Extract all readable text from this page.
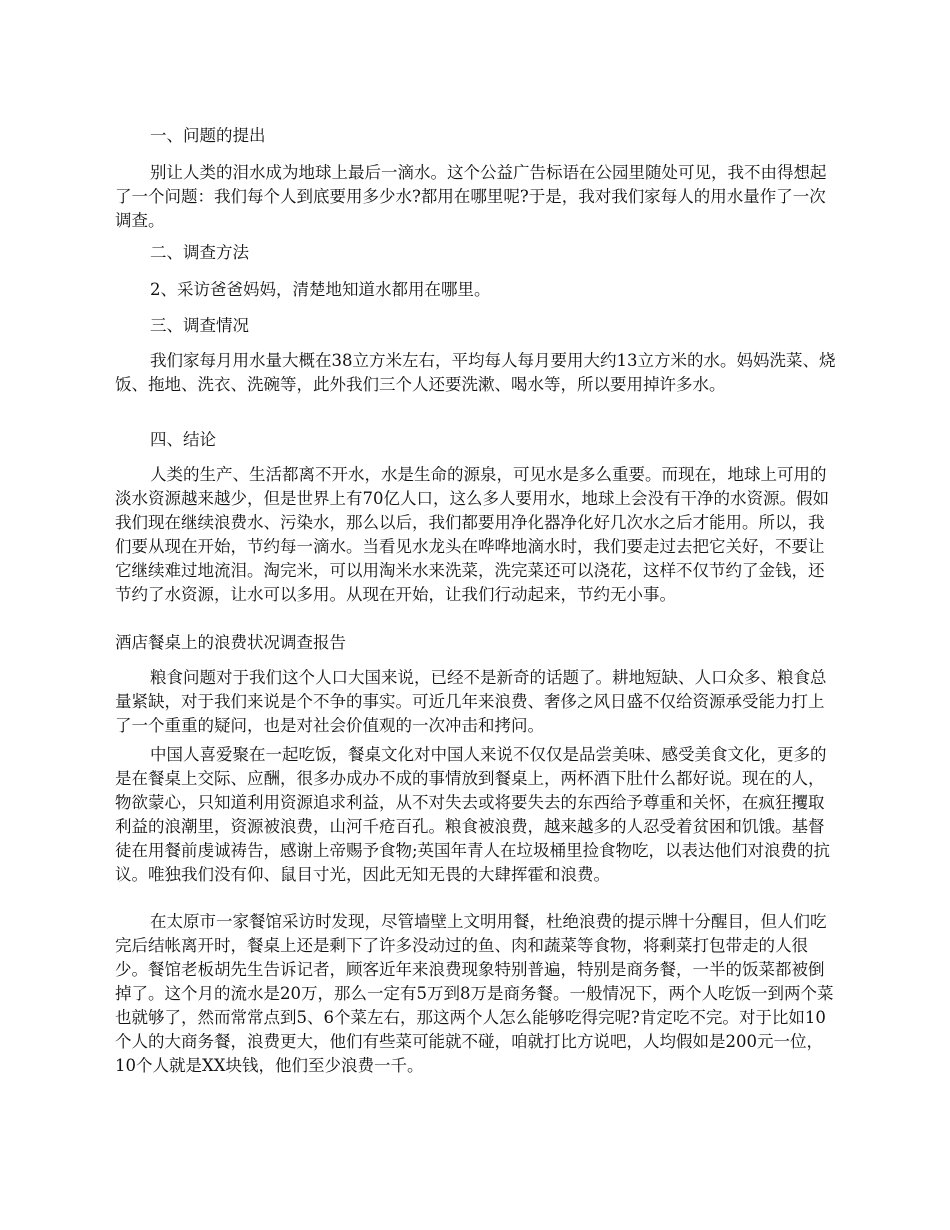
一、问题的提出

别让人类的泪水成为地球上最后一滴水。这个公益广告标语在公园里随处可见，我不由得想起了一个问题：我们每个人到底要用多少水?都用在哪里呢?于是，我对我们家每人的用水量作了一次调查。

二、调查方法

2、采访爸爸妈妈，清楚地知道水都用在哪里。

三、调查情况

我们家每月用水量大概在38立方米左右，平均每人每月要用大约13立方米的水。妈妈洗菜、烧饭、拖地、洗衣、洗碗等，此外我们三个人还要洗漱、喝水等，所以要用掉许多水。

四、结论

人类的生产、生活都离不开水，水是生命的源泉，可见水是多么重要。而现在，地球上可用的淡水资源越来越少，但是世界上有70亿人口，这么多人要用水，地球上会没有干净的水资源。假如我们现在继续浪费水、污染水，那么以后，我们都要用净化器净化好几次水之后才能用。所以，我们要从现在开始，节约每一滴水。当看见水龙头在哗哗地滴水时，我们要走过去把它关好，不要让它继续难过地流泪。淘完米，可以用淘米水来洗菜，洗完菜还可以浇花，这样不仅节约了金钱，还节约了水资源，让水可以多用。从现在开始，让我们行动起来，节约无小事。

酒店餐桌上的浪费状况调查报告

粮食问题对于我们这个人口大国来说，已经不是新奇的话题了。耕地短缺、人口众多、粮食总量紧缺，对于我们来说是个不争的事实。可近几年来浪费、奢侈之风日盛不仅给资源承受能力打上了一个重重的疑问，也是对社会价值观的一次冲击和拷问。

中国人喜爱聚在一起吃饭，餐桌文化对中国人来说不仅仅是品尝美味、感受美食文化，更多的是在餐桌上交际、应酬，很多办成办不成的事情放到餐桌上，两杯酒下肚什么都好说。现在的人，物欲蒙心，只知道利用资源追求利益，从不对失去或将要失去的东西给予尊重和关怀，在疯狂攫取利益的浪潮里，资源被浪费，山河千疮百孔。粮食被浪费，越来越多的人忍受着贫困和饥饿。基督徒在用餐前虔诚祷告，感谢上帝赐予食物;英国年青人在垃圾桶里捡食物吃，以表达他们对浪费的抗议。唯独我们没有仰、鼠目寸光，因此无知无畏的大肆挥霍和浪费。

在太原市一家餐馆采访时发现，尽管墙壁上文明用餐，杜绝浪费的提示牌十分醒目，但人们吃完后结帐离开时，餐桌上还是剩下了许多没动过的鱼、肉和蔬菜等食物，将剩菜打包带走的人很少。餐馆老板胡先生告诉记者，顾客近年来浪费现象特别普遍，特别是商务餐，一半的饭菜都被倒掉了。这个月的流水是20万，那么一定有5万到8万是商务餐。一般情况下，两个人吃饭一到两个菜也就够了，然而常常点到5、6个菜左右，那这两个人怎么能够吃得完呢?肯定吃不完。对于比如10个人的大商务餐，浪费更大，他们有些菜可能就不碰，咱就打比方说吧，人均假如是200元一位，10个人就是XX块钱，他们至少浪费一千。
